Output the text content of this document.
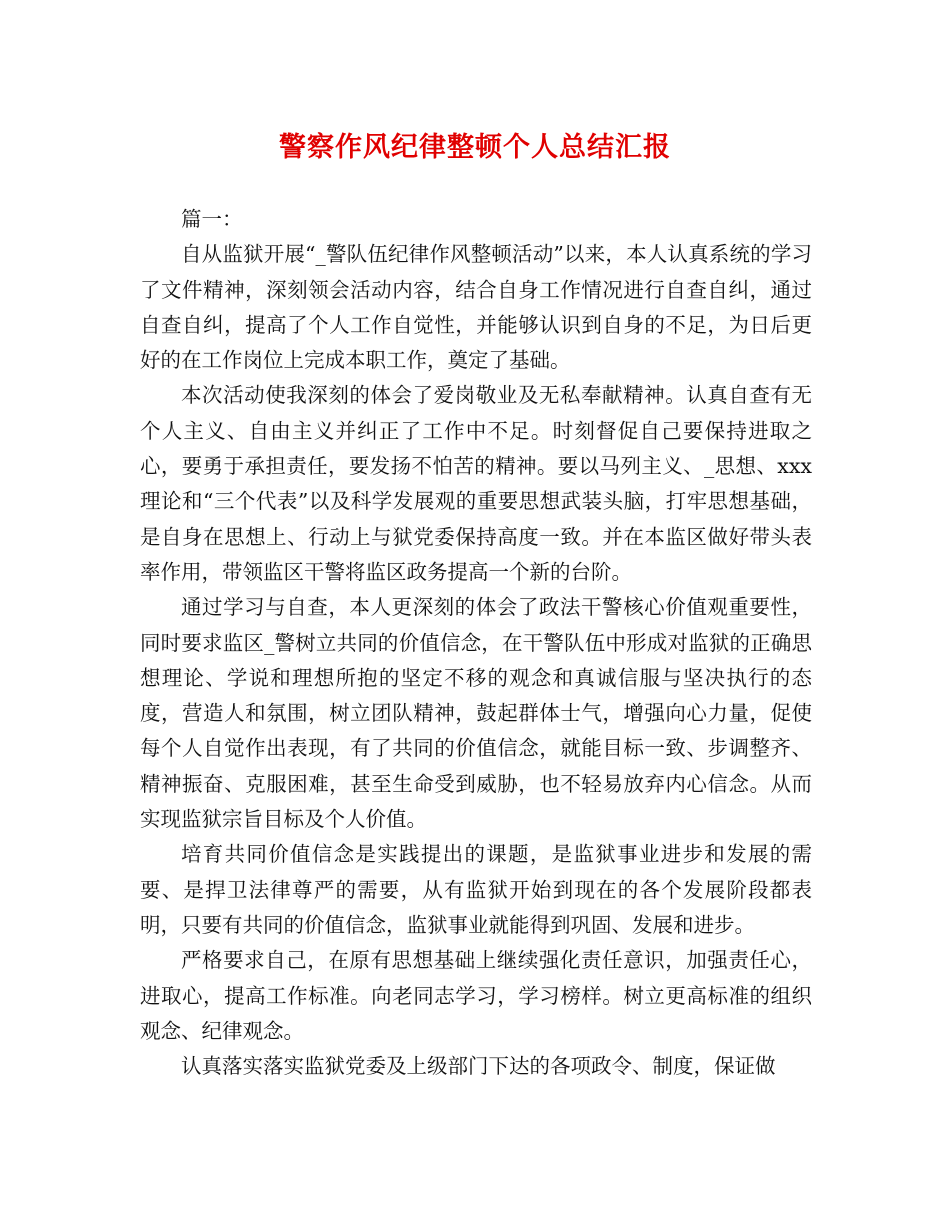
警察作风纪律整顿个人总结汇报

篇一：

自从监狱开展“_警队伍纪律作风整顿活动”以来，本人认真系统的学习了文件精神，深刻领会活动内容，结合自身工作情况进行自查自纠，通过自查自纠，提高了个人工作自觉性，并能够认识到自身的不足，为日后更好的在工作岗位上完成本职工作，奠定了基础。

本次活动使我深刻的体会了爱岗敬业及无私奉献精神。认真自查有无个人主义、自由主义并纠正了工作中不足。时刻督促自己要保持进取之心，要勇于承担责任，要发扬不怕苦的精神。要以马列主义、_思想、xxx理论和“三个代表”以及科学发展观的重要思想武装头脑，打牢思想基础，是自身在思想上、行动上与狱党委保持高度一致。并在本监区做好带头表率作用，带领监区干警将监区政务提高一个新的台阶。

通过学习与自查，本人更深刻的体会了政法干警核心价值观重要性，同时要求监区_警树立共同的价值信念，在干警队伍中形成对监狱的正确思想理论、学说和理想所抱的坚定不移的观念和真诚信服与坚决执行的态度，营造人和氛围，树立团队精神，鼓起群体士气，增强向心力量，促使每个人自觉作出表现，有了共同的价值信念，就能目标一致、步调整齐、精神振奋、克服困难，甚至生命受到威胁，也不轻易放弃内心信念。从而实现监狱宗旨目标及个人价值。

培育共同价值信念是实践提出的课题，是监狱事业进步和发展的需要、是捍卫法律尊严的需要，从有监狱开始到现在的各个发展阶段都表明，只要有共同的价值信念，监狱事业就能得到巩固、发展和进步。

严格要求自己，在原有思想基础上继续强化责任意识，加强责任心，进取心，提高工作标准。向老同志学习，学习榜样。树立更高标准的组织观念、纪律观念。

认真落实落实监狱党委及上级部门下达的各项政令、制度，保证做
